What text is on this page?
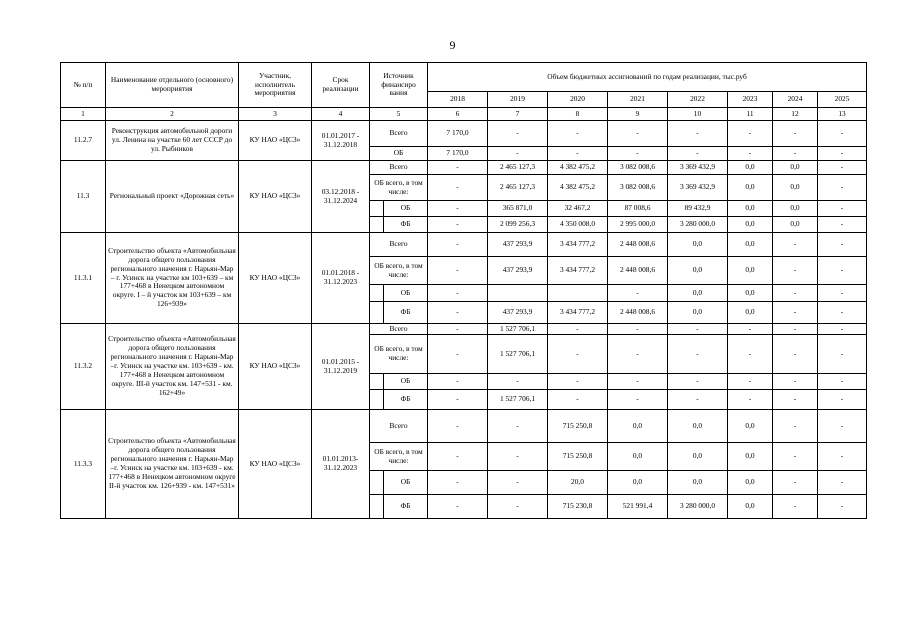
9
№ п/п	Наименование отдельного (основного) мероприятия	Участник, исполнитель мероприятия	Срок реализации	Источник финансиро вания		Объем бюджетных ассигнований по годам реализации, тыс.руб							
						2018	2019	2020	2021	2022	2023	2024	2025
1	2	3	4	5		6	7	8	9	10	11	12	13
11.2.7	Реконструкция автомобильной дороги ул. Ленина на участке 60 лет СССР до ул. Рыбников	КУ НАО «ЦСЗ»	01.01.2017 - 31.12.2018	Всего		7 170,0	-	-	-	-	-	-	-
				ОБ		7 170,0	-	-	-	-	-	-	-
11.3	Региональный проект «Дорожная сеть»	КУ НАО «ЦСЗ»	03.12.2018 - 31.12.2024	Всего		-	2 465 127,3	4 382 475,2	3 082 008,6	3 369 432,9	0,0	0,0	-
				ОБ всего, в том числе:		-	2 465 127,3	4 382 475,2	3 082 008,6	3 369 432,9	0,0	0,0	-
					ОБ	-	365 871,0	32 467,2	87 008,6	89 432,9	0,0	0,0	-
					ФБ	-	2 099 256,3	4 350 008,0	2 995 000,0	3 280 000,0	0,0	0,0	-
11.3.1	Строительство объекта «Автомобильная дорога общего пользования регионального значения г. Нарьян-Мар – г. Усинск на участке км 103+639 – км 177+468 в Ненецком автономном округе. I – й участок км 103+639 – км 126+939»	КУ НАО «ЦСЗ»	01.01.2018 - 31.12.2023	Всего		-	437 293,9	3 434 777,2	2 448 008,6	0,0	0,0	-	-
				ОБ всего, в том числе:		-	437 293,9	3 434 777,2	2 448 008,6	0,0	0,0	-	-
					ОБ	-			-	0,0	0,0	-	-
					ФБ	-	437 293,9	3 434 777,2	2 448 008,6	0,0	0,0	-	-
11.3.2	Строительство объекта «Автомобильная дорога общего пользования регионального значения г. Нарьян-Мар –г. Усинск на участке км. 103+639 - км. 177+468 в Ненецком автономном округе. III-й участок км. 147+531 - км. 162+49»	КУ НАО «ЦСЗ»	01.01.2015 - 31.12.2019	Всего		-	1 527 706,1	-	-	-	-	-	-
				ОБ всего, в том числе:		-	1 527 706,1	-	-	-	-	-	-
					ОБ	-	-	-	-	-	-	-	-
					ФБ	-	1 527 706,1	-	-	-	-	-	-
11.3.3	Строительство объекта «Автомобильная дорога общего пользования регионального значения г. Нарьян-Мар –г. Усинск на участке км. 103+639 - км. 177+468 в Ненецком автономном округе II-й участок км. 126+939 - км. 147+531»	КУ НАО «ЦСЗ»	01.01.2013- 31.12.2023	Всего		-	-	715 250,8	0,0	0,0	0,0	-	-
				ОБ всего, в том числе:		-	-	715 250,8	0,0	0,0	0,0	-	-
					ОБ	-	-	20,0	0,0	0,0	0,0	-	-
					ФБ	-	-	715 230,8	521 991,4	3 280 000,0	0,0	-	-
